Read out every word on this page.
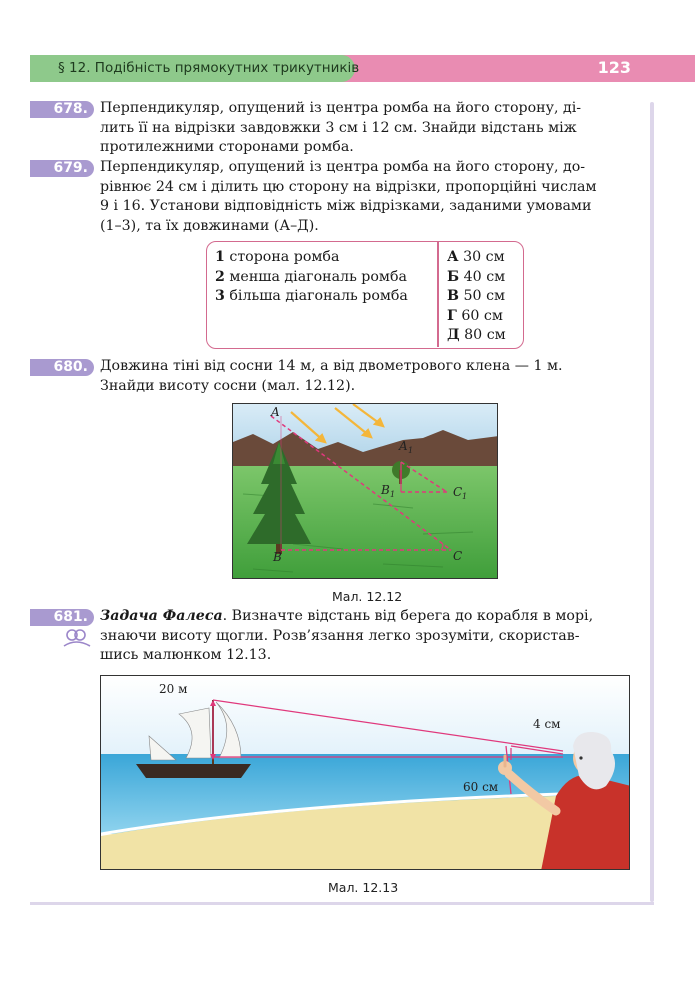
§ 12. Подібність прямокутних трикутників	123
678. Перпендикуляр, опущений із центра ромба на його сторону, ді-

лить її на відрізки завдовжки 3 см і 12 см. Знайди відстань між

протилежними сторонами ромба.

679. Перпендикуляр, опущений із центра ромба на його сторону, до-

рівнює 24 см і ділить цю сторону на відрізки, пропорційні числам

9 і 16. Установи відповідність між відрізками, заданими умовами

(1–3), та їх довжинами (А–Д).

1 сторона ромба
2 менша діагональ ромба
3 більша діагональ ромба
А 30 см
Б 40 см
В 50 см
Г 60 см
Д 80 см
680. Довжина тіні від сосни 14 м, а від двометрового клена — 1 м.

Знайди висоту сосни (мал. 12.12).

A
A 1
B 1	C 1
B	C
Мал. 12.12
681. Задача Фалеса. Визначте відстань від берега до корабля в морі,

знаючи висоту щогли. Розв’язання легко зрозуміти, скористав-

шись малюнком 12.13.

20 м
4 см
60 см
Мал. 12.13
